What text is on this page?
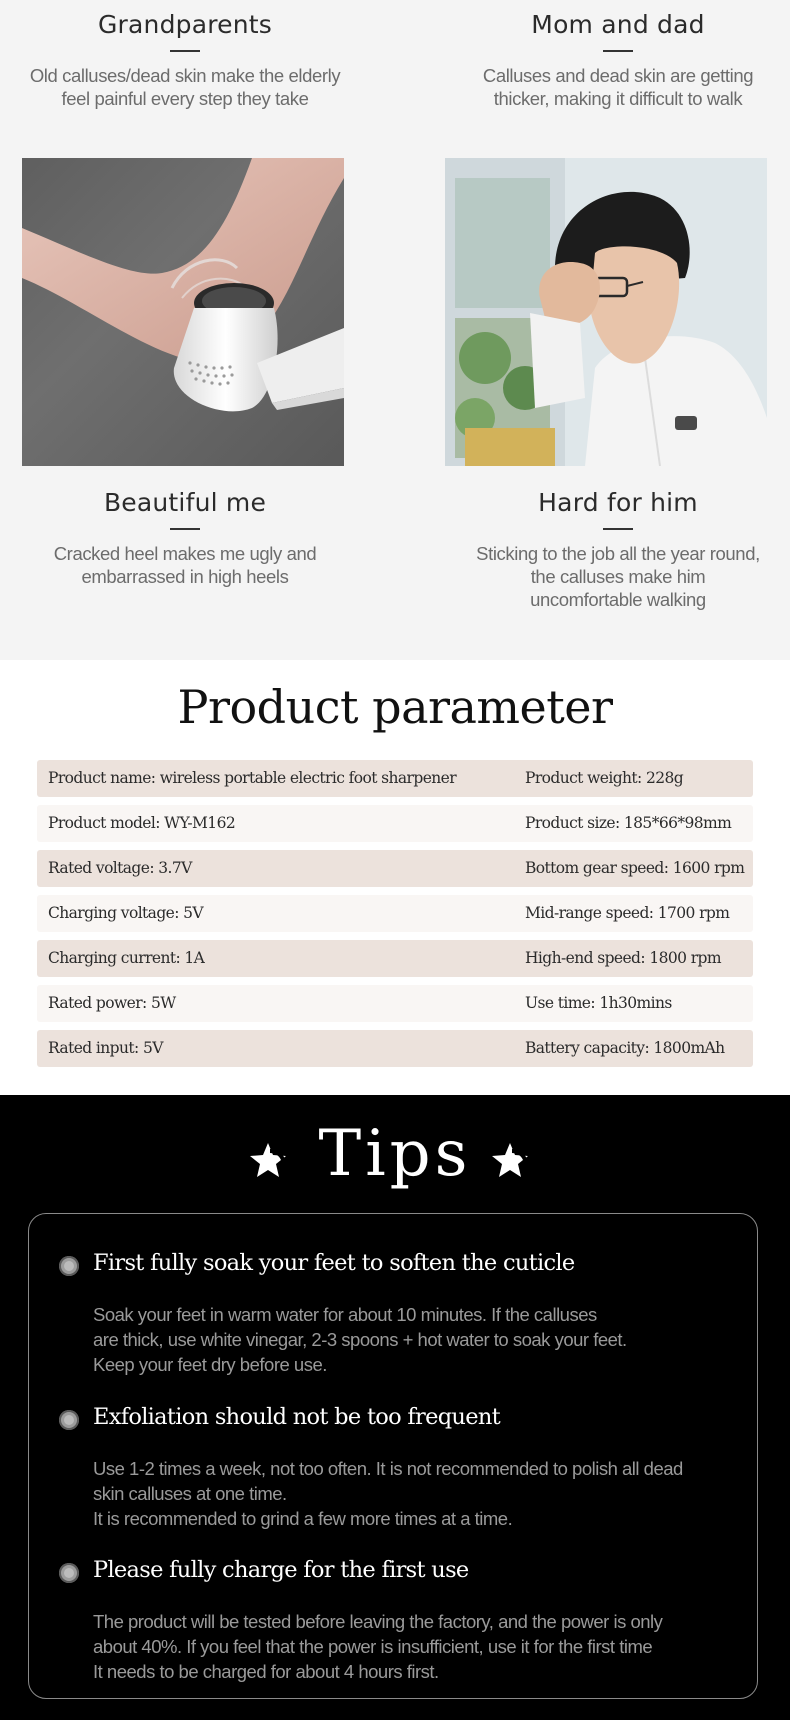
Grandparents
Old calluses/dead skin make the elderly
feel painful every step they take
Mom and dad
Calluses and dead skin are getting
thicker, making it difficult to walk
Beautiful me
Cracked heel makes me ugly and
embarrassed in high heels
Hard for him
Sticking to the job all the year round,
the calluses make him
uncomfortable walking
Product parameter
Product name: wireless portable electric foot sharpener	Product weight: 228g
Product model: WY-M162	Product size: 185*66*98mm
Rated voltage: 3.7V	Bottom gear speed: 1600 rpm
Charging voltage: 5V	Mid-range speed: 1700 rpm
Charging current: 1A	High-end speed: 1800 rpm
Rated power: 5W	Use time: 1h30mins
Rated input: 5V	Battery capacity: 1800mAh
Tips
First fully soak your feet to soften the cuticle
Soak your feet in warm water for about 10 minutes. If the calluses
are thick, use white vinegar, 2-3 spoons + hot water to soak your feet.
Keep your feet dry before use.
Exfoliation should not be too frequent
Use 1-2 times a week, not too often. It is not recommended to polish all dead
skin calluses at one time.
It is recommended to grind a few more times at a time.
Please fully charge for the first use
The product will be tested before leaving the factory, and the power is only
about 40%. If you feel that the power is insufficient, use it for the first time
It needs to be charged for about 4 hours first.
